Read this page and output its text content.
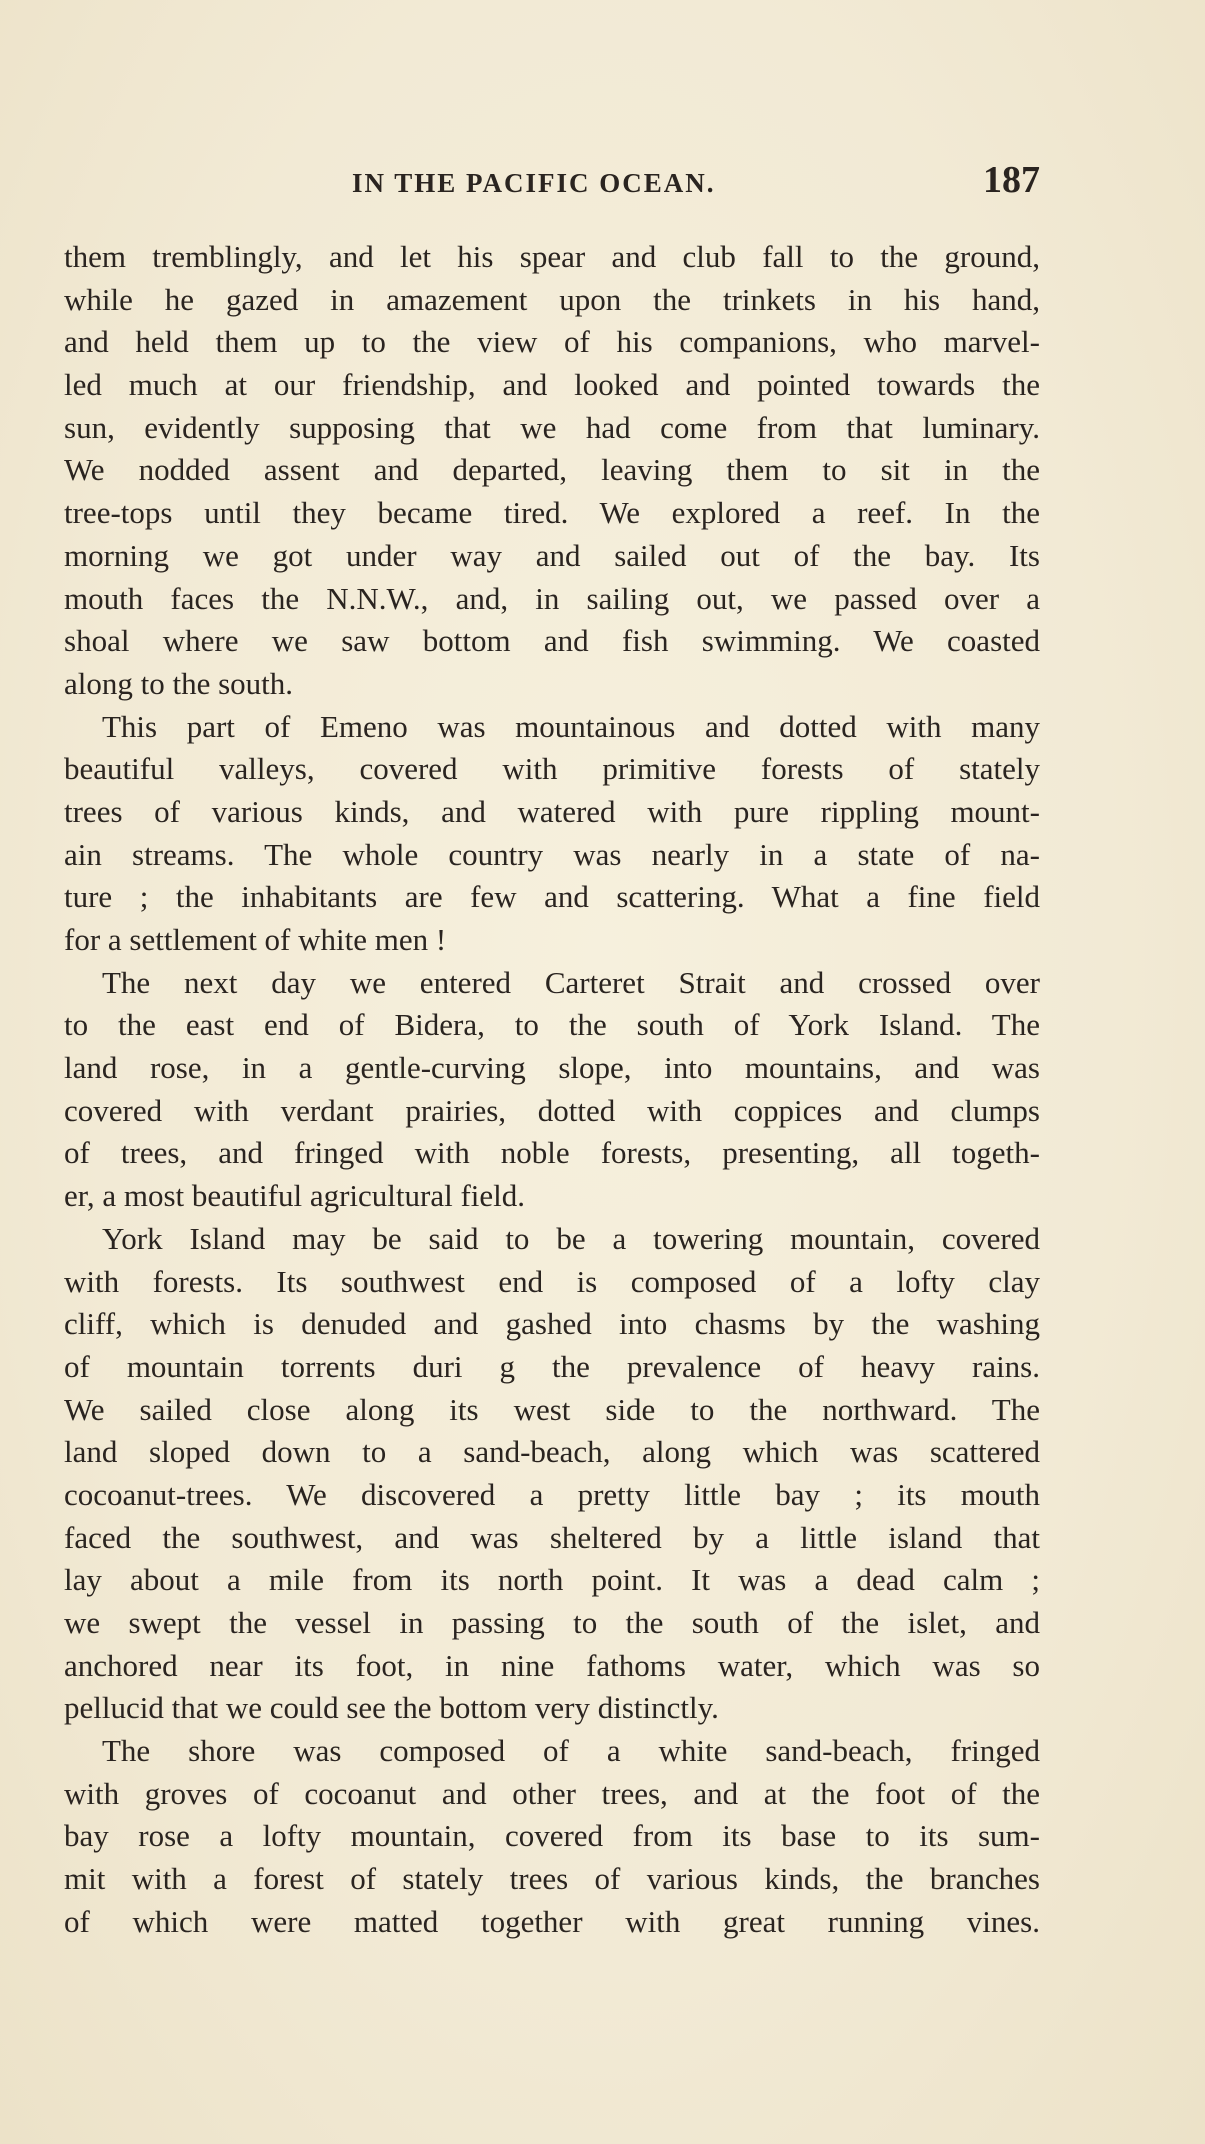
IN THE PACIFIC OCEAN.	187
them tremblingly, and let his spear and club fall to the ground,
while he gazed in amazement upon the trinkets in his hand,
and held them up to the view of his companions, who marvel-
led much at our friendship, and looked and pointed towards the
sun, evidently supposing that we had come from that luminary.
We nodded assent and departed, leaving them to sit in the
tree-tops until they became tired. We explored a reef. In the
morning we got under way and sailed out of the bay. Its
mouth faces the N.N.W., and, in sailing out, we passed over a
shoal where we saw bottom and fish swimming. We coasted
along to the south.
This part of Emeno was mountainous and dotted with many
beautiful valleys, covered with primitive forests of stately
trees of various kinds, and watered with pure rippling mount-
ain streams. The whole country was nearly in a state of na-
ture ; the inhabitants are few and scattering. What a fine field
for a settlement of white men !
The next day we entered Carteret Strait and crossed over
to the east end of Bidera, to the south of York Island. The
land rose, in a gentle-curving slope, into mountains, and was
covered with verdant prairies, dotted with coppices and clumps
of trees, and fringed with noble forests, presenting, all togeth-
er, a most beautiful agricultural field.
York Island may be said to be a towering mountain, covered
with forests. Its southwest end is composed of a lofty clay
cliff, which is denuded and gashed into chasms by the washing
of mountain torrents duri g the prevalence of heavy rains.
We sailed close along its west side to the northward. The
land sloped down to a sand-beach, along which was scattered
cocoanut-trees. We discovered a pretty little bay ; its mouth
faced the southwest, and was sheltered by a little island that
lay about a mile from its north point. It was a dead calm ;
we swept the vessel in passing to the south of the islet, and
anchored near its foot, in nine fathoms water, which was so
pellucid that we could see the bottom very distinctly.
The shore was composed of a white sand-beach, fringed
with groves of cocoanut and other trees, and at the foot of the
bay rose a lofty mountain, covered from its base to its sum-
mit with a forest of stately trees of various kinds, the branches
of which were matted together with great running vines.
